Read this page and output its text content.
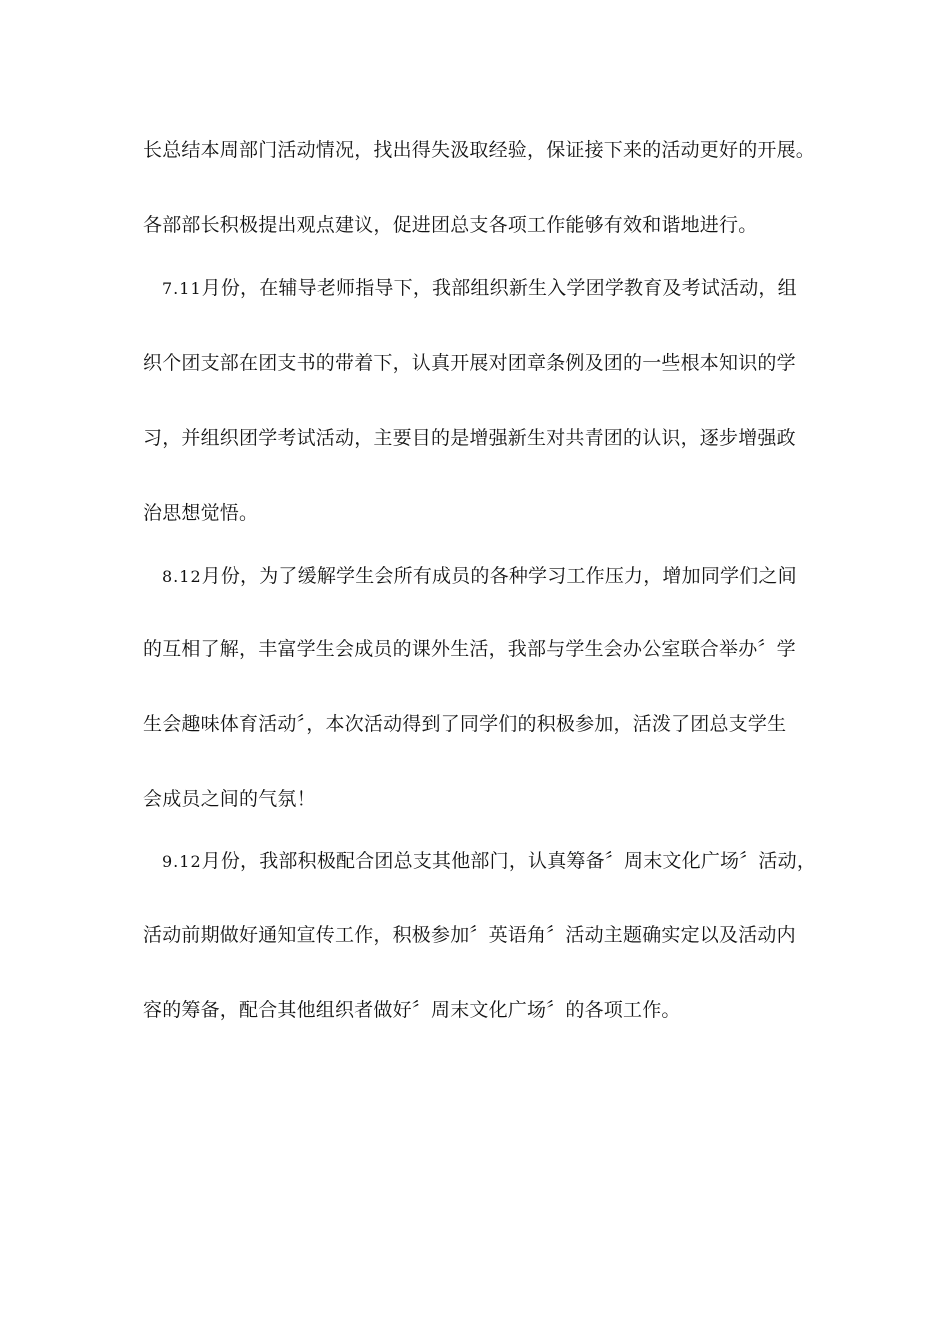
长总结本周部门活动情况，找出得失汲取经验，保证接下来的活动更好的开展。
各部部长积极提出观点建议，促进团总支各项工作能够有效和谐地进行。
7.11月份，在辅导老师指导下，我部组织新生入学团学教育及考试活动，组
织个团支部在团支书的带着下，认真开展对团章条例及团的一些根本知识的学
习，并组织团学考试活动，主要目的是增强新生对共青团的认识，逐步增强政
治思想觉悟。
8.12月份，为了缓解学生会所有成员的各种学习工作压力，增加同学们之间
的互相了解，丰富学生会成员的课外生活，我部与学生会办公室联合举办〞学
生会趣味体育活动〞，本次活动得到了同学们的积极参加，活泼了团总支学生
会成员之间的气氛！
9.12月份，我部积极配合团总支其他部门，认真筹备〞周末文化广场〞活动，
活动前期做好通知宣传工作，积极参加〞英语角〞活动主题确实定以及活动内
容的筹备，配合其他组织者做好〞周末文化广场〞的各项工作。
